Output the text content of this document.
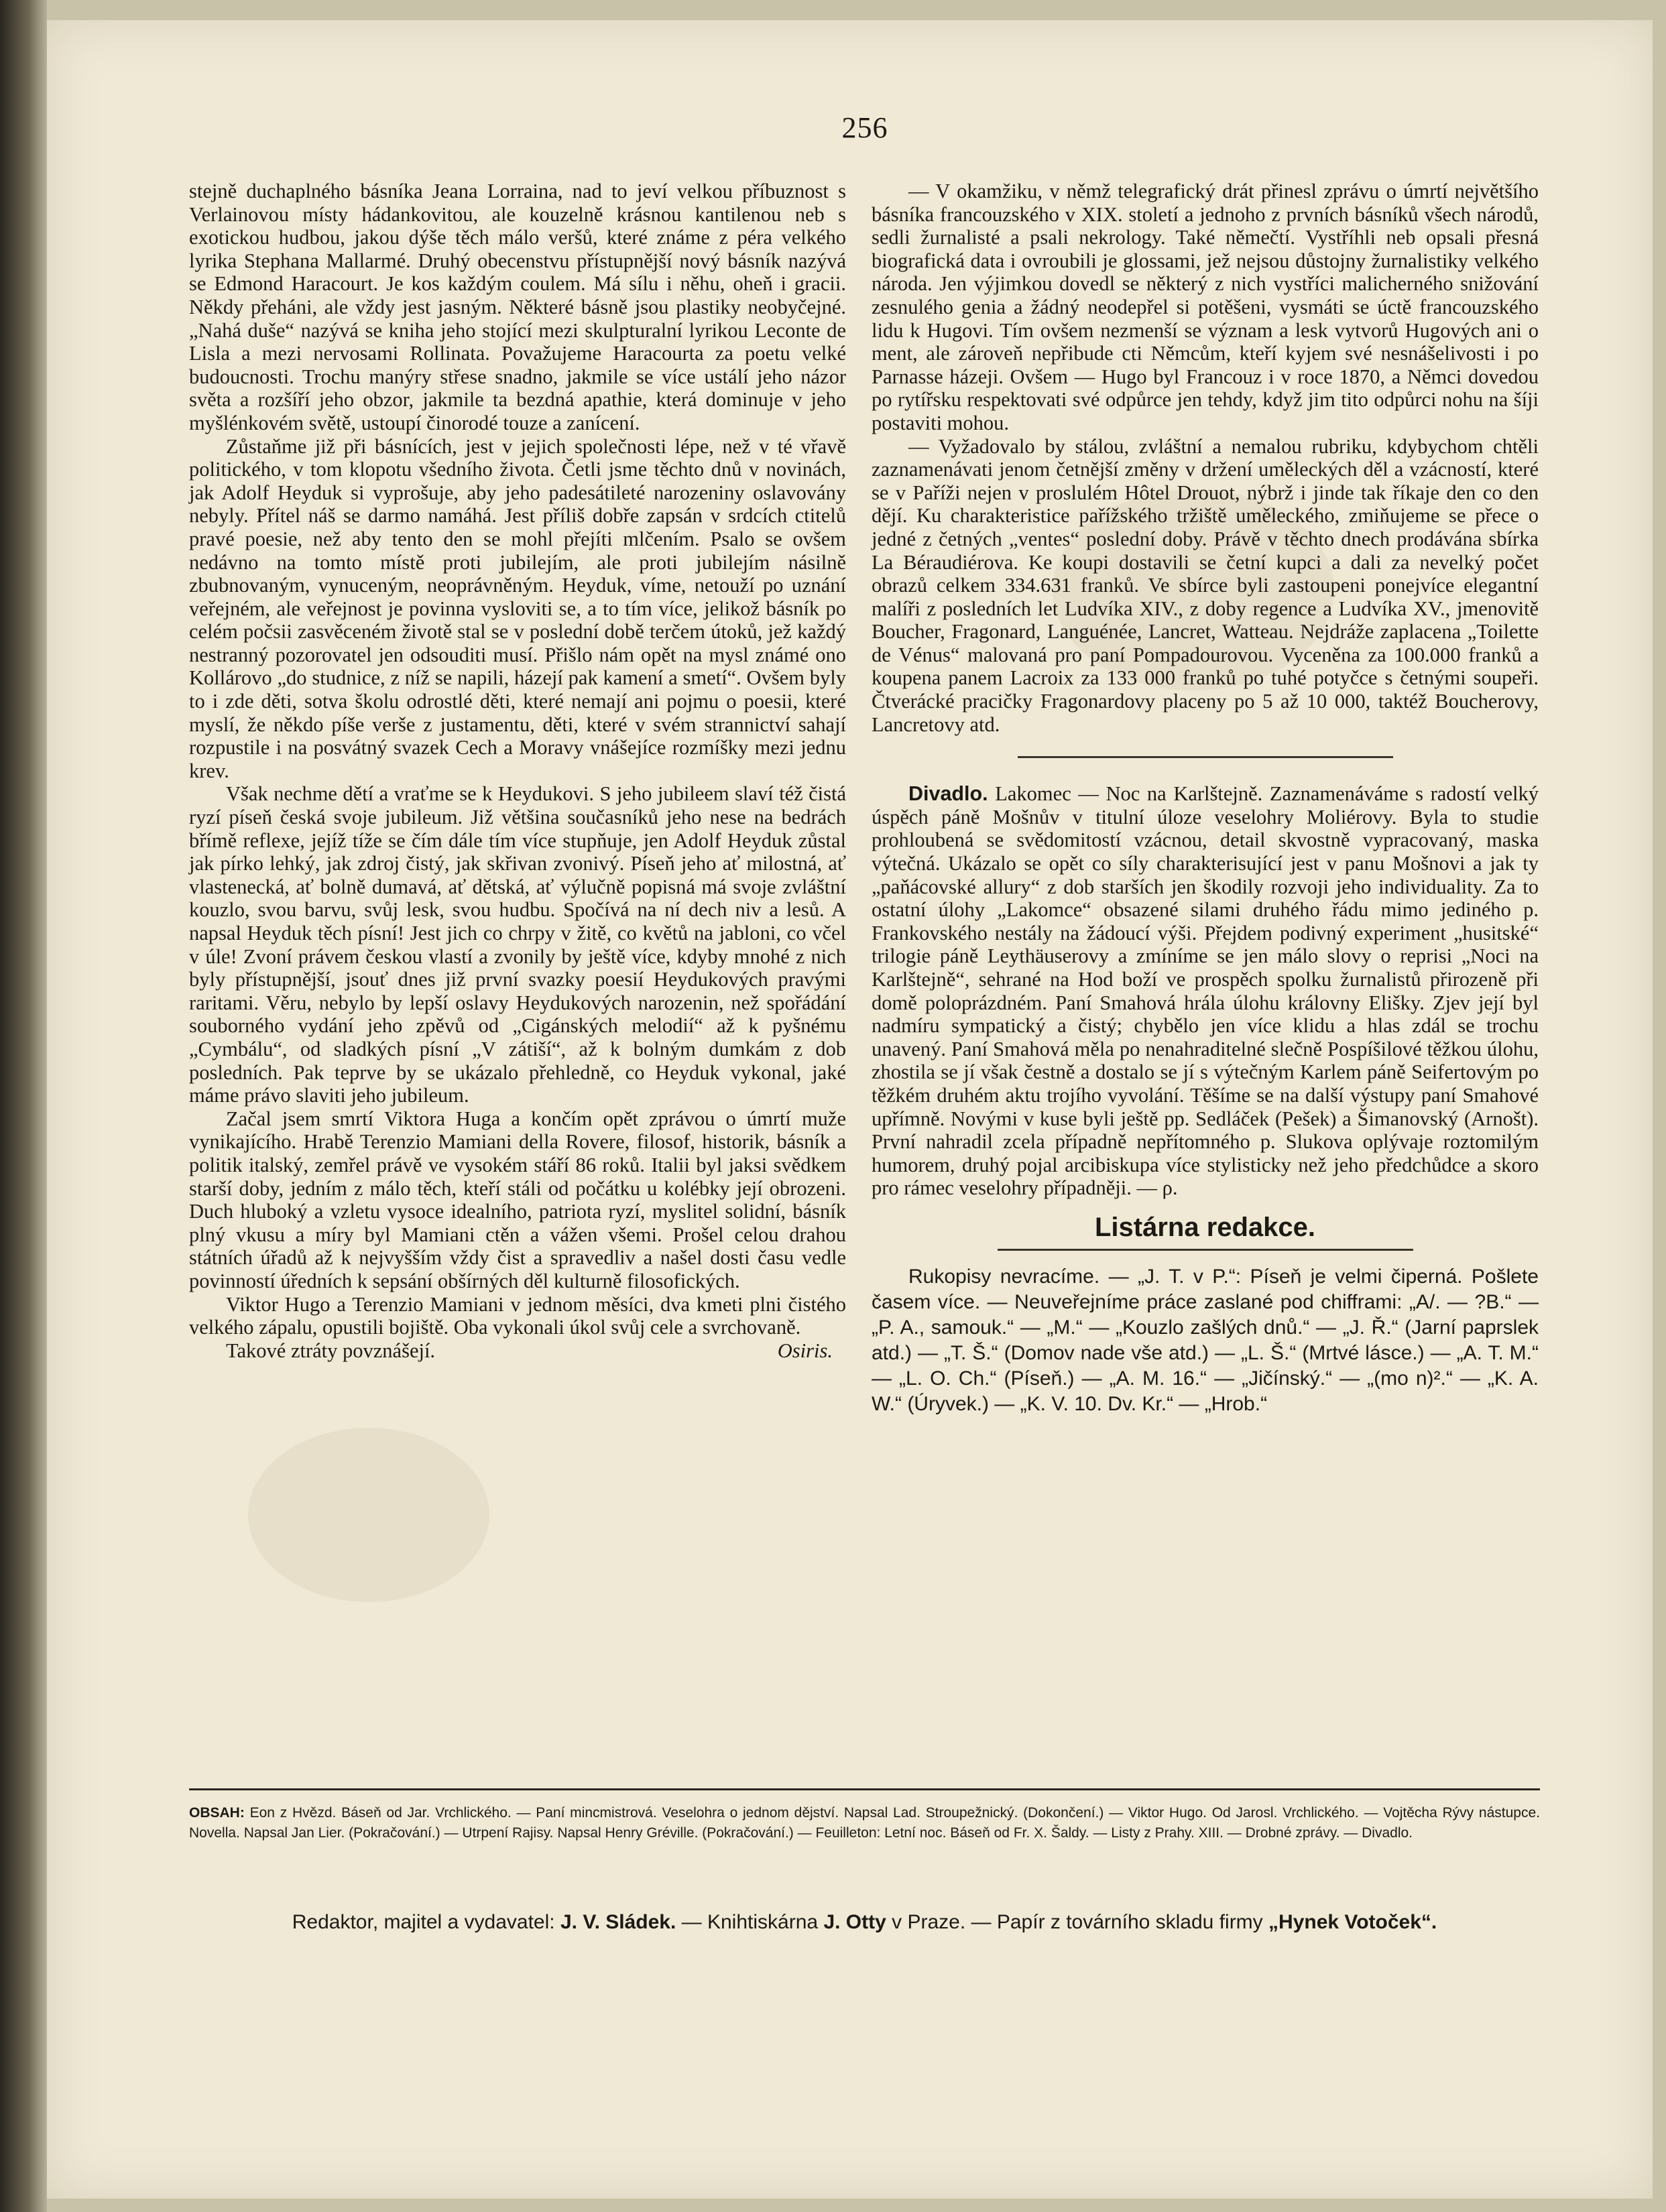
256

stejně duchaplného básníka Jeana Lorraina, nad to jeví velkou příbuznost s Verlainovou místy hádankovitou, ale kouzelně krásnou kantilenou neb s exotickou hudbou, jakou dýše těch málo veršů, které známe z péra velkého lyrika Stephana Mallarmé. Druhý obecenstvu přístupnější nový básník nazývá se Edmond Haracourt. Je kos každým coulem. Má sílu i něhu, oheň i gracii. Někdy přeháni, ale vždy jest jasným. Některé básně jsou plastiky neobyčejné. „Nahá duše“ nazývá se kniha jeho stojící mezi skulpturalní lyrikou Leconte de Lisla a mezi nervosami Rollinata. Považujeme Haracourta za poetu velké budoucnosti. Trochu manýry střese snadno, jakmile se více ustálí jeho názor světa a rozšíří jeho obzor, jakmile ta bezdná apathie, která dominuje v jeho myšlénkovém světě, ustoupí činorodé touze a zanícení.

Zůstaňme již při básnících, jest v jejich společnosti lépe, než v té vřavě politického, v tom klopotu všedního života. Četli jsme těchto dnů v novinách, jak Adolf Heyduk si vyprošuje, aby jeho padesátileté narozeniny oslavovány nebyly. Přítel náš se darmo namáhá. Jest příliš dobře zapsán v srdcích ctitelů pravé poesie, než aby tento den se mohl přejíti mlčením. Psalo se ovšem nedávno na tomto místě proti jubilejím, ale proti jubilejím násilně zbubnovaným, vynuceným, neoprávněným. Heyduk, víme, netouží po uznání veřejném, ale veřejnost je povinna vysloviti se, a to tím více, jelikož básník po celém počsii zasvěceném životě stal se v poslední době terčem útoků, jež každý nestranný pozorovatel jen odsouditi musí. Přišlo nám opět na mysl známé ono Kollárovo „do studnice, z níž se napili, házejí pak kamení a smetí“. Ovšem byly to i zde děti, sotva školu odrostlé děti, které nemají ani pojmu o poesii, které myslí, že někdo píše verše z justamentu, děti, které v svém strannictví sahají rozpustile i na posvátný svazek Cech a Moravy vnášejíce rozmíšky mezi jednu krev.

Však nechme dětí a vraťme se k Heydukovi. S jeho jubileem slaví též čistá ryzí píseň česká svoje jubileum. Již většina současníků jeho nese na bedrách břímě reflexe, jejíž tíže se čím dále tím více stupňuje, jen Adolf Heyduk zůstal jak pírko lehký, jak zdroj čistý, jak skřivan zvonivý. Píseň jeho ať milostná, ať vlastenecká, ať bolně dumavá, ať dětská, ať výlučně popisná má svoje zvláštní kouzlo, svou barvu, svůj lesk, svou hudbu. Spočívá na ní dech niv a lesů. A napsal Heyduk těch písní! Jest jich co chrpy v žitě, co květů na jabloni, co včel v úle! Zvoní právem českou vlastí a zvonily by ještě více, kdyby mnohé z nich byly přístupnější, jsouť dnes již první svazky poesií Heydukových pravými raritami. Věru, nebylo by lepší oslavy Heydukových narozenin, než spořádání souborného vydání jeho zpěvů od „Cigánských melodií“ až k pyšnému „Cymbálu“, od sladkých písní „V zátiší“, až k bolným dumkám z dob posledních. Pak teprve by se ukázalo přehledně, co Heyduk vykonal, jaké máme právo slaviti jeho jubileum.

Začal jsem smrtí Viktora Huga a končím opět zprávou o úmrtí muže vynikajícího. Hrabě Terenzio Mamiani della Rovere, filosof, historik, básník a politik italský, zemřel právě ve vysokém stáří 86 roků. Italii byl jaksi svědkem starší doby, jedním z málo těch, kteří stáli od počátku u kolébky její obrozeni. Duch hluboký a vzletu vysoce idealního, patriota ryzí, myslitel solidní, básník plný vkusu a míry byl Mamiani ctěn a vážen všemi. Prošel celou drahou státních úřadů až k nejvyšším vždy čist a spravedliv a našel dosti času vedle povinností úředních k sepsání obšírných děl kulturně filosofických.

Viktor Hugo a Terenzio Mamiani v jednom měsíci, dva kmeti plni čistého velkého zápalu, opustili bojiště. Oba vykonali úkol svůj cele a svrchovaně.

Takové ztráty povznášejí.	Osiris.

— V okamžiku, v němž telegrafický drát přinesl zprávu o úmrtí největšího básníka francouzského v XIX. století a jednoho z prvních básníků všech národů, sedli žurnalisté a psali nekrology. Také němečtí. Vystříhli neb opsali přesná biografická data i ovroubili je glossami, jež nejsou důstojny žurnalistiky velkého národa. Jen výjimkou dovedl se některý z nich vystříci malicherného snižování zesnulého genia a žádný neodepřel si potěšeni, vysmáti se úctě francouzského lidu k Hugovi. Tím ovšem nezmenší se význam a lesk vytvorů Hugových ani o ment, ale zároveň nepřibude cti Němcům, kteří kyjem své nesnášelivosti i po Parnasse házeji. Ovšem — Hugo byl Francouz i v roce 1870, a Němci dovedou po rytířsku respektovati své odpůrce jen tehdy, když jim tito odpůrci nohu na šíji postaviti mohou.

— Vyžadovalo by stálou, zvláštní a nemalou rubriku, kdybychom chtěli zaznamenávati jenom četnější změny v držení uměleckých děl a vzácností, které se v Paříži nejen v proslulém Hôtel Drouot, nýbrž i jinde tak říkaje den co den dějí. Ku charakteristice pařížského tržiště uměleckého, zmiňujeme se přece o jedné z četných „ventes“ poslední doby. Právě v těchto dnech prodávána sbírka La Béraudiérova. Ke koupi dostavili se četní kupci a dali za nevelký počet obrazů celkem 334.631 franků. Ve sbírce byli zastoupeni ponejvíce elegantní malíři z posledních let Ludvíka XIV., z doby regence a Ludvíka XV., jmenovitě Boucher, Fragonard, Languénée, Lancret, Watteau. Nejdráže zaplacena „Toilette de Vénus“ malovaná pro paní Pompadourovou. Vyceněna za 100.000 franků a koupena panem Lacroix za 133 000 franků po tuhé potyčce s četnými soupeři. Čtverácké pracičky Fragonardovy placeny po 5 až 10 000, taktéž Boucherovy, Lancretovy atd.

Divadlo. Lakomec — Noc na Karlštejně. Zaznamenáváme s radostí velký úspěch páně Mošnův v titulní úloze veselohry Moliérovy. Byla to studie prohloubená se svědomitostí vzácnou, detail skvostně vypracovaný, maska výtečná. Ukázalo se opět co síly charakterisující jest v panu Mošnovi a jak ty „paňácovské allury“ z dob starších jen škodily rozvoji jeho individuality. Za to ostatní úlohy „Lakomce“ obsazené silami druhého řádu mimo jediného p. Frankovského nestály na žádoucí výši. Přejdem podivný experiment „husitské“ trilogie páně Leythäuserovy a zmíníme se jen málo slovy o reprisi „Noci na Karlštejně“, sehrané na Hod boží ve prospěch spolku žurnalistů přirozeně při domě poloprázdném. Paní Smahová hrála úlohu královny Elišky. Zjev její byl nadmíru sympatický a čistý; chybělo jen více klidu a hlas zdál se trochu unavený. Paní Smahová měla po nenahraditelné slečně Pospíšilové těžkou úlohu, zhostila se jí však čestně a dostalo se jí s výtečným Karlem páně Seifertovým po těžkém druhém aktu trojího vyvolání. Těšíme se na další výstupy paní Smahové upřímně. Novými v kuse byli ještě pp. Sedláček (Pešek) a Šimanovský (Arnošt). První nahradil zcela případně nepřítomného p. Slukova oplývaje roztomilým humorem, druhý pojal arcibiskupa více stylisticky než jeho předchůdce a skoro pro rámec veselohry případněji. — ρ.

Listárna redakce.

Rukopisy nevracíme. — „J. T. v P.“: Píseň je velmi čiperná. Pošlete časem více. — Neuveřejníme práce zaslané pod chifframi: „A/. — ?B.“ — „P. A., samouk.“ — „M.“ — „Kouzlo zašlých dnů.“ — „J. Ř.“ (Jarní paprslek atd.) — „T. Š.“ (Domov nade vše atd.) — „L. Š.“ (Mrtvé lásce.) — „A. T. M.“ — „L. O. Ch.“ (Píseň.) — „A. M. 16.“ — „Jičínský.“ — „(mo n)².“ — „K. A. W.“ (Úryvek.) — „K. V. 10. Dv. Kr.“ — „Hrob.“

OBSAH: Eon z Hvězd. Báseň od Jar. Vrchlického. — Paní mincmistrová. Veselohra o jednom dějství. Napsal Lad. Stroupežnický. (Dokončení.) — Viktor Hugo. Od Jarosl. Vrchlického. — Vojtěcha Rývy nástupce. Novella. Napsal Jan Lier. (Pokračování.) — Utrpení Rajisy. Napsal Henry Gréville. (Pokračování.) — Feuilleton: Letní noc. Báseň od Fr. X. Šaldy. — Listy z Prahy. XIII. — Drobné zprávy. — Divadlo.
Redaktor, majitel a vydavatel: J. V. Sládek. — Knihtiskárna J. Otty v Praze. — Papír z továrního skladu firmy „Hynek Votoček“.
